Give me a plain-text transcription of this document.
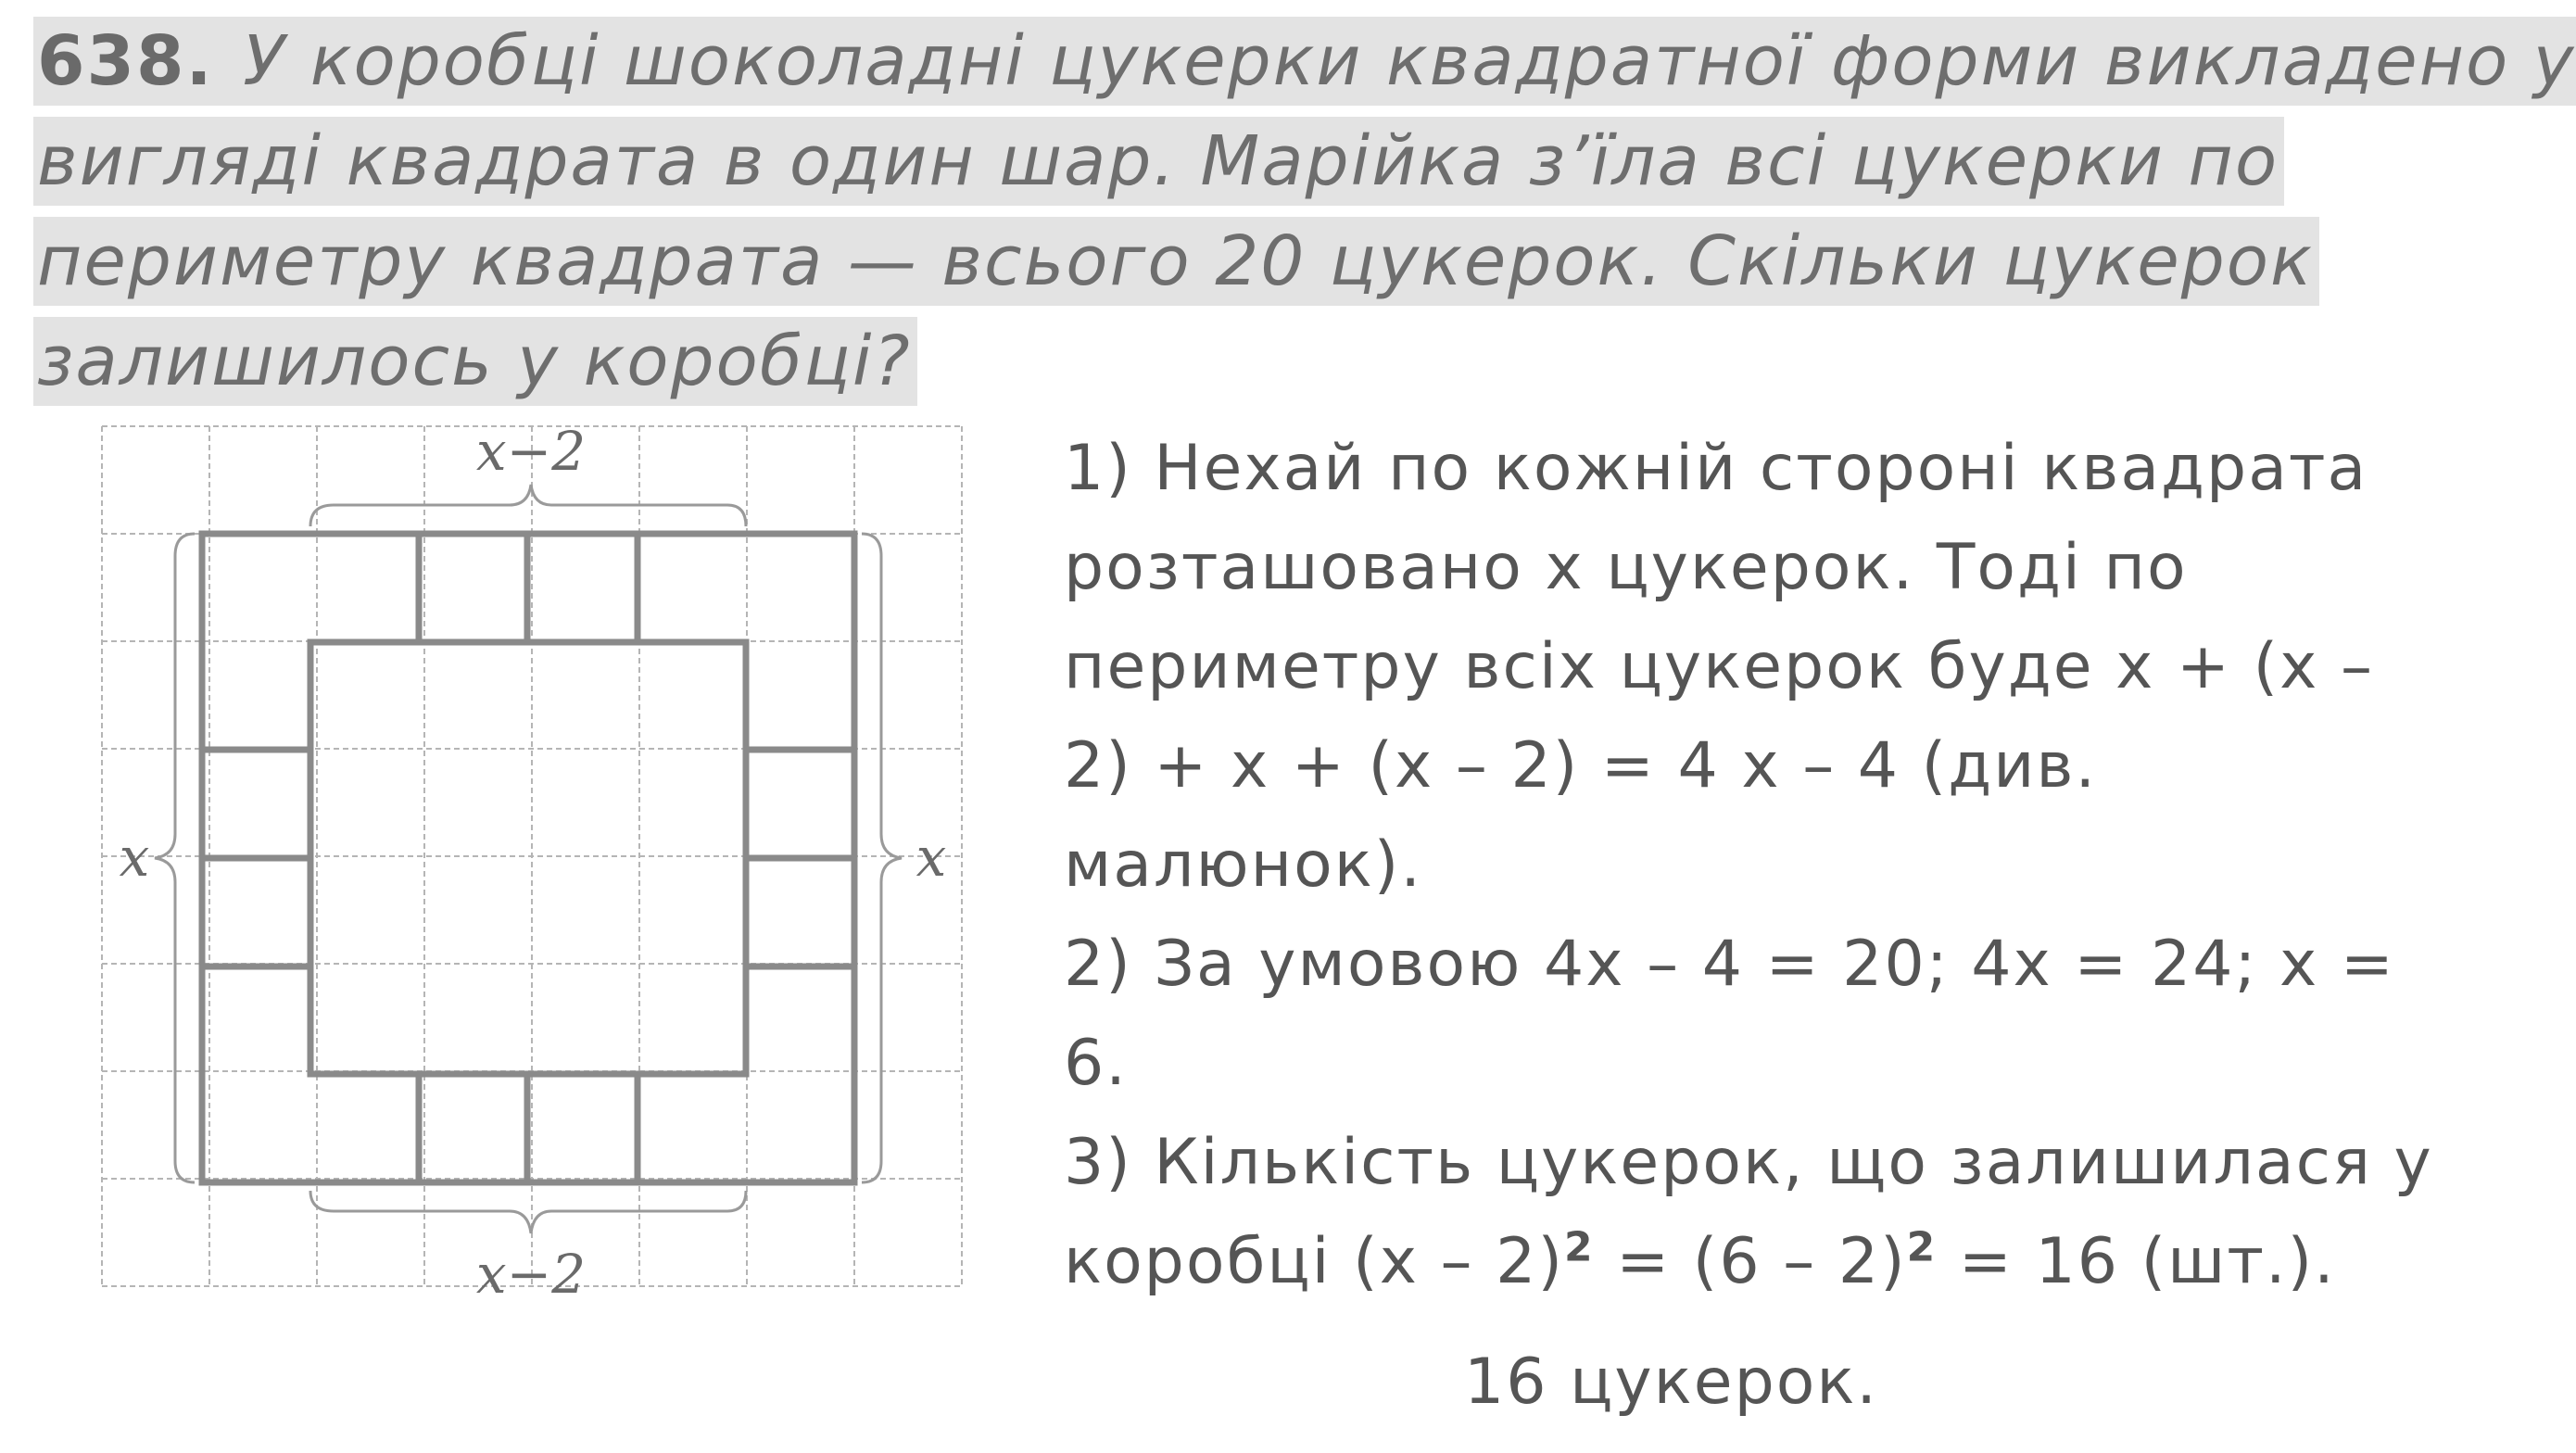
638. У коробці шоколадні цукерки квадратної форми викладено у
вигляді квадрата в один шар. Марійка з’їла всі цукерки по
периметру квадрата — всього 20 цукерок. Скільки цукерок
залишилось у коробці?
x−2
x−2
x	x

1) Нехай по кожній стороні квадрата

розташовано х цукерок. Тоді по

периметру всіх цукерок буде х + (х –

2) + х + (х – 2) = 4 х – 4 (див.

малюнок).

2) За умовою 4х – 4 = 20; 4х = 24; х =

6.

3) Кількість цукерок, що залишилася у

коробці (х – 2)$^2$ = (6 – 2)$^2$ = 16 (шт.).

16 цукерок.
